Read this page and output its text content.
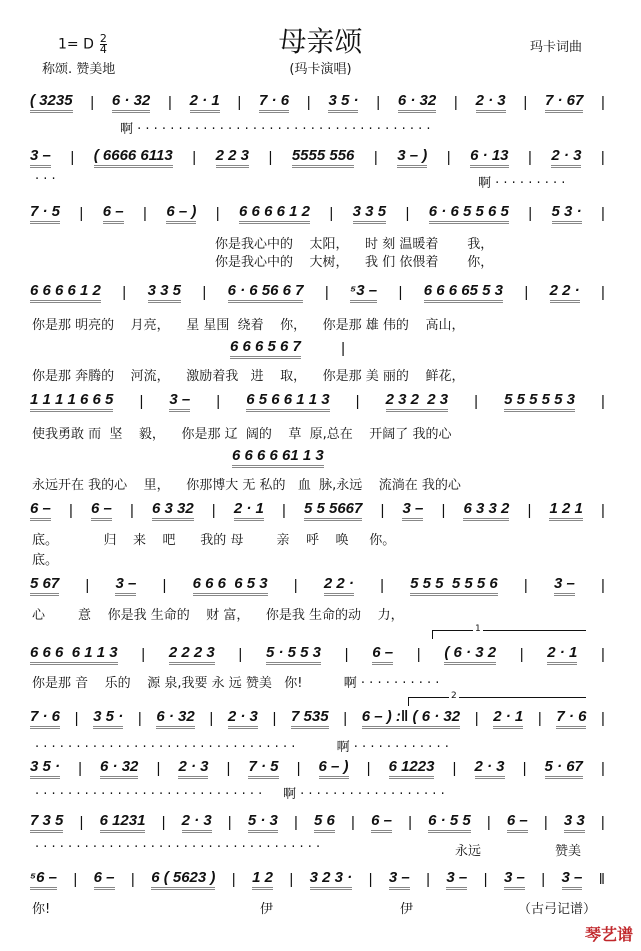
母亲颂
(玛卡演唱)
1= D $\frac{2}{4}$
称颂. 赞美地
玛卡词曲
( 3235 | 6 · 32 | 2 · 1 | 7 · 6 | 3 5 · | 6 · 32 | 2 · 3 | 7 · 67 |
3 – | ( 6666 6113 | 2 2 3 | 5555 556 | 3 – ) | 6 · 13 | 2 · 3 |
7 · 5 | 6 – | 6 – ) | 6 6 6 6 1 2 | 3 3 5 | 6 · 6 5 5 6 5 | 5 3 · |
6 6 6 6 1 2 | 3 3 5 | 6 · 6 56 6 7 | ⁵3 – | 6 6 6 65 5 3 | 2 2 · |
6 6 6 5 6 7	|
1 1 1 1 6 6 5 | 3 – | 6 5 6 6 1 1 3 | 2 3 2  2 3 | 5 5 5 5 5 3 |
6 6 6 6 61 1 3
6 – | 6 – | 6 3 32 | 2 · 1 | 5 5 5667 | 3 – | 6 3 3 2 | 1 2 1 |
5 67 | 3 – | 6 6 6  6 5 3 | 2 2 · | 5 5 5  5 5 5 6 | 3 – |
6 6 6  6 1 1 3 | 2 2 2 3 | 5 · 5 5 3 | 6 – | ( 6 · 3 2 | 2 · 1 |
7 · 6 | 3 5 · | 6 · 32 | 2 · 3 | 7 535 | 6 – ) :‖ ( 6 · 32 | 2 · 1 | 7 · 6 |
3 5 · | 6 · 32 | 2 · 3 | 7 · 5 | 6 – ) | 6 1223 | 2 · 3 | 5 · 67 |
7 3 5 | 6 1231 | 2 · 3 | 5 · 3 | 5 6 | 6 – | 6 · 5 5 | 6 – | 3 3 |
⁵6 – | 6 – | 6 ( 5623 ) | 1 2 | 3 2 3 · | 3 – | 3 – | 3 – | 3 – ‖
啊 · · · · · · · · · · · · · · · · · · · · · · · · · · · · · · · · · · · ·
· · ·	啊 · · · · · · · · ·
你是我心中的    太阳，    时 刻 温暖着       我，
你是我心中的    大树，    我 们 依偎着       你，
你是那 明亮的    月亮，    星 星围  绕着    你，    你是那 雄 伟的    高山，
你是那 奔腾的    河流，    激励着我   进    取，    你是那 美 丽的    鲜花，
使我勇敢 而  坚    毅，    你是那 辽  阔的    草  原,总在    开阔了 我的心
永远开在 我的心    里，    你那博大 无 私的   血  脉,永远    流淌在 我的心
底。           归    来    吧      我的 母        亲    呼    唤     你。
底。
心        意    你是我 生命的    财 富，    你是我 生命的动    力，
你是那 音    乐的    源 泉,我要 永 远 赞美   你!          啊 · · · · · · · · · ·
· · · · · · · · · · · · · · · · · · · · · · · · · · · · · · · ·          啊 · · · · · · · · · · · ·
· · · · · · · · · · · · · · · · · · · · · · · · · · · ·     啊 · · · · · · · · · · · · · · · · · ·
· · · · · · · · · · · · · · · · · · · · · · · · · · · · · · · · · · ·	永远	赞美
你!	伊	伊	（古弓记谱）
1
2
琴艺谱
